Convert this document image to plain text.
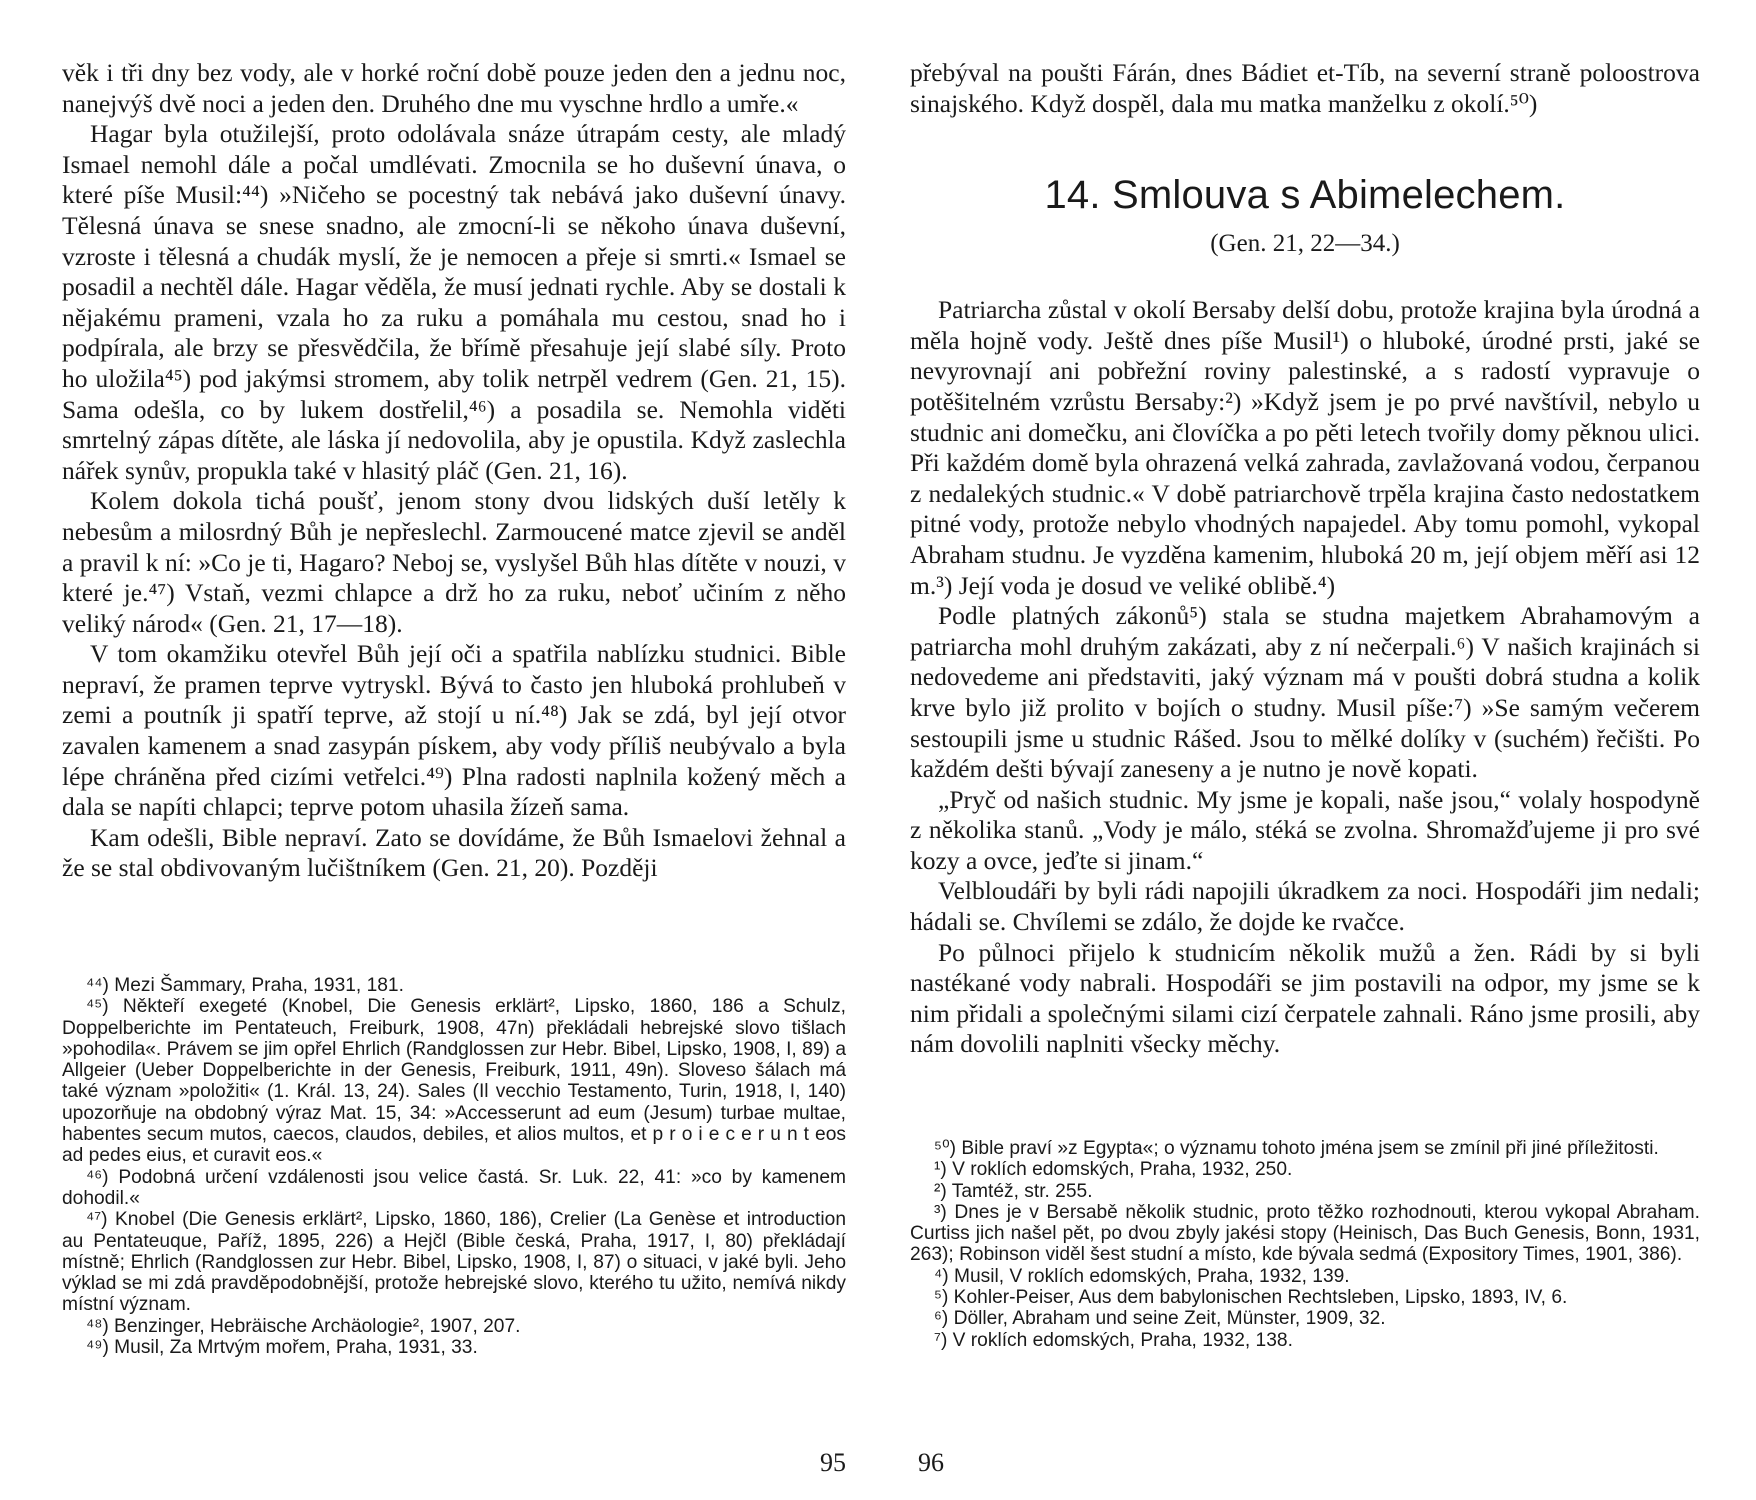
věk i tři dny bez vody, ale v horké roční době pouze jeden den a jednu noc, nanejvýš dvě noci a jeden den. Druhého dne mu vyschne hrdlo a umře.«

Hagar byla otužilejší, proto odolávala snáze útrapám cesty, ale mladý Ismael nemohl dále a počal umdlévati. Zmocnila se ho duševní únava, o které píše Musil:⁴⁴) »Ničeho se pocestný tak nebává jako duševní únavy. Tělesná únava se snese snadno, ale zmocní-li se někoho únava duševní, vzroste i tělesná a chudák myslí, že je nemocen a přeje si smrti.« Ismael se posadil a nechtěl dále. Hagar věděla, že musí jednati rychle. Aby se dostali k nějakému prameni, vzala ho za ruku a pomáhala mu cestou, snad ho i podpírala, ale brzy se přesvědčila, že břímě přesahuje její slabé síly. Proto ho uložila⁴⁵) pod jakýmsi stromem, aby tolik netrpěl vedrem (Gen. 21, 15). Sama odešla, co by lukem dostřelil,⁴⁶) a posadila se. Nemohla viděti smrtelný zápas dítěte, ale láska jí nedovolila, aby je opustila. Když zaslechla nářek synův, propukla také v hlasitý pláč (Gen. 21, 16).

Kolem dokola tichá poušť, jenom stony dvou lidských duší letěly k nebesům a milosrdný Bůh je nepřeslechl. Zarmoucené matce zjevil se anděl a pravil k ní: »Co je ti, Hagaro? Neboj se, vyslyšel Bůh hlas dítěte v nouzi, v které je.⁴⁷) Vstaň, vezmi chlapce a drž ho za ruku, neboť učiním z něho veliký národ« (Gen. 21, 17—18).

V tom okamžiku otevřel Bůh její oči a spatřila nablízku studnici. Bible nepraví, že pramen teprve vytryskl. Bývá to často jen hluboká prohlubeň v zemi a poutník ji spatří teprve, až stojí u ní.⁴⁸) Jak se zdá, byl její otvor zavalen kamenem a snad zasypán pískem, aby vody příliš neubývalo a byla lépe chráněna před cizími vetřelci.⁴⁹) Plna radosti naplnila kožený měch a dala se napíti chlapci; teprve potom uhasila žízeň sama.

Kam odešli, Bible nepraví. Zato se dovídáme, že Bůh Ismaelovi žehnal a že se stal obdivovaným lučištníkem (Gen. 21, 20). Později

⁴⁴) Mezi Šammary, Praha, 1931, 181.

⁴⁵) Někteří exegeté (Knobel, Die Genesis erklärt², Lipsko, 1860, 186 a Schulz, Doppelberichte im Pentateuch, Freiburk, 1908, 47n) překládali hebrejské slovo tišlach »pohodila«. Právem se jim opřel Ehrlich (Randglossen zur Hebr. Bibel, Lipsko, 1908, I, 89) a Allgeier (Ueber Doppelberichte in der Genesis, Freiburk, 1911, 49n). Sloveso šálach má také význam »položiti« (1. Král. 13, 24). Sales (Il vecchio Testamento, Turin, 1918, I, 140) upozorňuje na obdobný výraz Mat. 15, 34: »Accesserunt ad eum (Jesum) turbae multae, habentes secum mutos, caecos, claudos, debiles, et alios multos, et p r o i e c e r u n t eos ad pedes eius, et curavit eos.«

⁴⁶) Podobná určení vzdálenosti jsou velice častá. Sr. Luk. 22, 41: »co by kamenem dohodil.«

⁴⁷) Knobel (Die Genesis erklärt², Lipsko, 1860, 186), Crelier (La Genèse et introduction au Pentateuque, Paříž, 1895, 226) a Hejčl (Bible česká, Praha, 1917, I, 80) překládají místně; Ehrlich (Randglossen zur Hebr. Bibel, Lipsko, 1908, I, 87) o situaci, v jaké byli. Jeho výklad se mi zdá pravděpodobnější, protože hebrejské slovo, kterého tu užito, nemívá nikdy místní význam.

⁴⁸) Benzinger, Hebräische Archäologie², 1907, 207.

⁴⁹) Musil, Za Mrtvým mořem, Praha, 1931, 33.

95

přebýval na poušti Fárán, dnes Bádiet et-Tíb, na severní straně poloostrova sinajského. Když dospěl, dala mu matka manželku z okolí.⁵⁰)

14. Smlouva s Abimelechem.
(Gen. 21, 22—34.)

Patriarcha zůstal v okolí Bersaby delší dobu, protože krajina byla úrodná a měla hojně vody. Ještě dnes píše Musil¹) o hluboké, úrodné prsti, jaké se nevyrovnají ani pobřežní roviny palestinské, a s radostí vypravuje o potěšitelném vzrůstu Bersaby:²) »Když jsem je po prvé navštívil, nebylo u studnic ani domečku, ani človíčka a po pěti letech tvořily domy pěknou ulici. Při každém domě byla ohrazená velká zahrada, zavlažovaná vodou, čerpanou z nedalekých studnic.« V době patriarchově trpěla krajina často nedostatkem pitné vody, protože nebylo vhodných napajedel. Aby tomu pomohl, vykopal Abraham studnu. Je vyzděna kamenim, hluboká 20 m, její objem měří asi 12 m.³) Její voda je dosud ve veliké oblibě.⁴)

Podle platných zákonů⁵) stala se studna majetkem Abrahamovým a patriarcha mohl druhým zakázati, aby z ní nečerpali.⁶) V našich krajinách si nedovedeme ani představiti, jaký význam má v poušti dobrá studna a kolik krve bylo již prolito v bojích o studny. Musil píše:⁷) »Se samým večerem sestoupili jsme u studnic Rášed. Jsou to mělké dolíky v (suchém) řečišti. Po každém dešti bývají zaneseny a je nutno je nově kopati.

„Pryč od našich studnic. My jsme je kopali, naše jsou,“ volaly hospodyně z několika stanů. „Vody je málo, stéká se zvolna. Shromažďujeme ji pro své kozy a ovce, jeďte si jinam.“

Velbloudáři by byli rádi napojili úkradkem za noci. Hospodáři jim nedali; hádali se. Chvílemi se zdálo, že dojde ke rvačce.

Po půlnoci přijelo k studnicím několik mužů a žen. Rádi by si byli nastékané vody nabrali. Hospodáři se jim postavili na odpor, my jsme se k nim přidali a společnými silami cizí čerpatele zahnali. Ráno jsme prosili, aby nám dovolili naplniti všecky měchy.

⁵⁰) Bible praví »z Egypta«; o významu tohoto jména jsem se zmínil při jiné příležitosti.

¹) V roklích edomských, Praha, 1932, 250.

²) Tamtéž, str. 255.

³) Dnes je v Bersabě několik studnic, proto těžko rozhodnouti, kterou vykopal Abraham. Curtiss jich našel pět, po dvou zbyly jakési stopy (Heinisch, Das Buch Genesis, Bonn, 1931, 263); Robinson viděl šest studní a místo, kde bývala sedmá (Expository Times, 1901, 386).

⁴) Musil, V roklích edomských, Praha, 1932, 139.

⁵) Kohler-Peiser, Aus dem babylonischen Rechtsleben, Lipsko, 1893, IV, 6.

⁶) Döller, Abraham und seine Zeit, Münster, 1909, 32.

⁷) V roklích edomských, Praha, 1932, 138.

96
